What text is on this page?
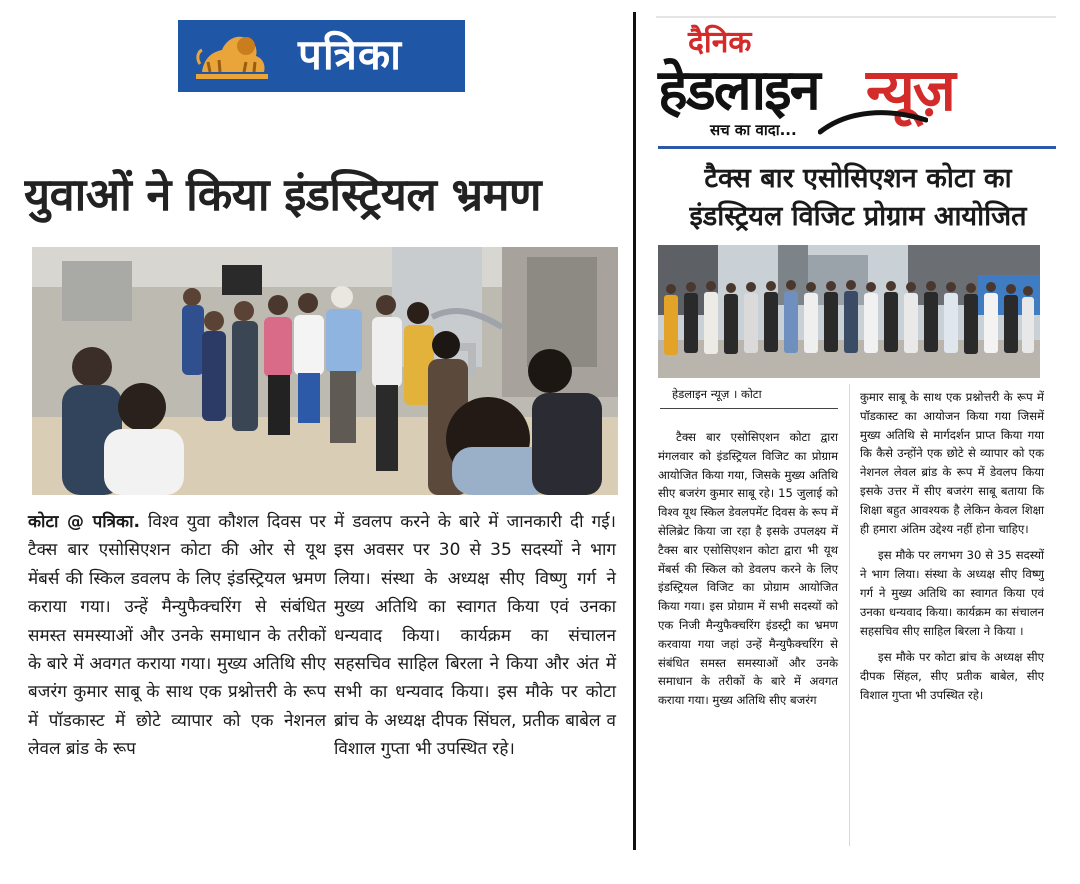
पत्रिका
युवाओं ने किया इंडस्ट्रियल भ्रमण
कोटा @ पत्रिका. विश्व युवा कौशल दिवस पर टैक्स बार एसोसिएशन कोटा की ओर से यूथ मेंबर्स की स्किल डवलप के लिए इंडस्ट्रियल भ्रमण कराया गया। उन्हें मैन्युफैक्चरिंग से संबंधित समस्त समस्याओं और उनके समाधान के तरीकों के बारे में अवगत कराया गया। मुख्य अतिथि सीए बजरंग कुमार साबू के साथ एक प्रश्नोत्तरी के रूप में पॉडकास्ट में छोटे व्यापार को एक नेशनल लेवल ब्रांड के रूप
में डवलप करने के बारे में जानकारी दी गई। इस अवसर पर 30 से 35 सदस्यों ने भाग लिया। संस्था के अध्यक्ष सीए विष्णु गर्ग ने मुख्य अतिथि का स्वागत किया एवं उनका धन्यवाद किया। कार्यक्रम का संचालन सहसचिव साहिल बिरला ने किया और अंत में सभी का धन्यवाद किया। इस मौके पर कोटा ब्रांच के अध्यक्ष दीपक सिंघल, प्रतीक बाबेल व विशाल गुप्ता भी उपस्थित रहे।
दैनिक
हेडलाइन न्यूज़
सच का वादा...
टैक्स बार एसोसिएशन कोटा का
इंडस्ट्रियल विजिट प्रोग्राम आयोजित
हेडलाइन न्यूज़ । कोटा

टैक्स बार एसोसिएशन कोटा द्वारा मंगलवार को इंडस्ट्रियल विजिट का प्रोग्राम आयोजित किया गया, जिसके मुख्य अतिथि सीए बजरंग कुमार साबू रहे। 15 जुलाई को विश्व यूथ स्किल डेवलपमेंट दिवस के रूप में सेलिब्रेट किया जा रहा है इसके उपलक्ष्य में टैक्स बार एसोसिएशन कोटा द्वारा भी यूथ मेंबर्स की स्किल को डेवलप करने के लिए इंडस्ट्रियल विजिट का प्रोग्राम आयोजित किया गया। इस प्रोग्राम में सभी सदस्यों को एक निजी मैन्युफैक्चरिंग इंडस्ट्री का भ्रमण करवाया गया जहां उन्हें मैन्युफैक्चरिंग से संबंधित समस्त समस्याओं और उनके समाधान के तरीकों के बारे में अवगत कराया गया। मुख्य अतिथि सीए बजरंग

कुमार साबू के साथ एक प्रश्नोत्तरी के रूप में पॉडकास्ट का आयोजन किया गया जिसमें मुख्य अतिथि से मार्गदर्शन प्राप्त किया गया कि कैसे उन्होंने एक छोटे से व्यापार को एक नेशनल लेवल ब्रांड के रूप में डेवलप किया इसके उत्तर में सीए बजरंग साबू बताया कि शिक्षा बहुत आवश्यक है लेकिन केवल शिक्षा ही हमारा अंतिम उद्देश्य नहीं होना चाहिए।

इस मौके पर लगभग 30 से 35 सदस्यों ने भाग लिया। संस्था के अध्यक्ष सीए विष्णु गर्ग ने मुख्य अतिथि का स्वागत किया एवं उनका धन्यवाद किया। कार्यक्रम का संचालन सहसचिव सीए साहिल बिरला ने किया ।

इस मौके पर कोटा ब्रांच के अध्यक्ष सीए दीपक सिंहल, सीए प्रतीक बाबेल, सीए विशाल गुप्ता भी उपस्थित रहे।
